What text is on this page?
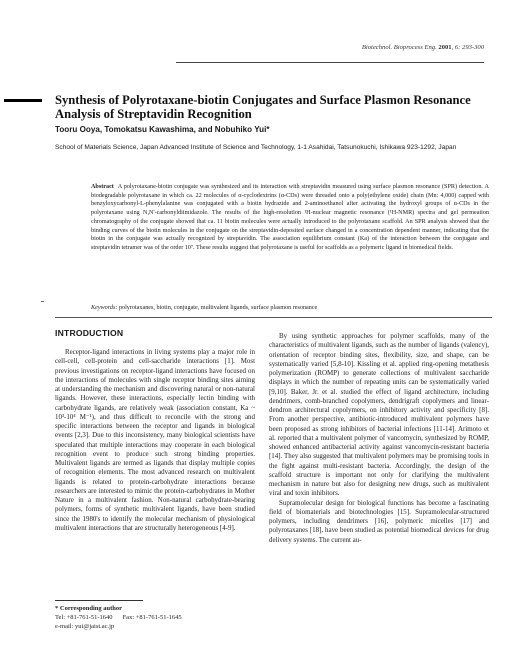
Biotechnol. Bioprocess Eng. 2001, 6: 293-300
Synthesis of Polyrotaxane-biotin Conjugates and Surface Plasmon Resonance Analysis of Streptavidin Recognition
Tooru Ooya, Tomokatsu Kawashima, and Nobuhiko Yui*
School of Materials Science, Japan Advanced Institute of Science and Technology, 1-1 Asahidai, Tatsunokuchi, Ishikawa 923-1292, Japan
Abstract A polyrotaxane-biotin conjugate was synthesized and its interaction with streptavidin measured using surface plasmon resonance (SPR) detection. A biodegradable polyrotaxane in which ca. 22 molecules of α-cyclodextrins (α-CDs) were threaded onto a poly(ethylene oxide) chain (Mn: 4,000) capped with benzyloxycarbonyl-L-phenylalanine was conjugated with a biotin hydrazide and 2-aminoethanol after activating the hydroxyl groups of α-CDs in the polyrotaxane using N,N'-carbonyldiimidazole. The results of the high-resolution ¹H-nuclear magnetic resonance (¹H-NMR) spectra and gel permeation chromatography of the conjugate showed that ca. 11 biotin molecules were actually introduced to the polyrotaxane scaffold. An SPR analysis showed that the binding curves of the biotin molecules in the conjugate on the streptavidin-deposited surface changed in a concentration dependent manner, indicating that the biotin in the conjugate was actually recognized by streptavidin. The association equilibrium constant (Ka) of the interaction between the conjugate and streptavidin tetramer was of the order 10⁷. These results suggest that polyrotaxane is useful for scaffolds as a polymeric ligand in biomedical fields.
Keywords: polyrotaxanes, biotin, conjugate, multivalent ligands, surface plasmon resonance
INTRODUCTION

Receptor-ligand interactions in living systems play a major role in cell-cell, cell-protein and cell-saccharide interactions [1]. Most previous investigations on receptor-ligand interactions have focused on the interactions of molecules with single receptor binding sites aiming at understanding the mechanism and discovering natural or non-natural ligands. However, these interactions, especially lectin binding with carbohydrate ligands, are relatively weak (association constant, Ka ~ 10³-10⁴ M⁻¹), and thus difficult to reconcile with the strong and specific interactions between the receptor and ligands in biological events [2,3]. Due to this inconsistency, many biological scientists have speculated that multiple interactions may cooperate in each biological recognition event to produce such strong binding properties. Multivalent ligands are termed as ligands that display multiple copies of recognition elements. The most advanced research on multivalent ligands is related to protein-carbohydrate interactions because researchers are interested to mimic the protein-carbohydrates in Mother Nature in a multivalent fashion. Non-natural carbohydrate-bearing polymers, forms of synthetic multivalent ligands, have been studied since the 1980's to identify the molecular mechanism of physiological multivalent interactions that are structurally heterogeneous [4-9].

By using synthetic approaches for polymer scaffolds, many of the characteristics of multivalent ligands, such as the number of ligands (valency), orientation of receptor binding sites, flexibility, size, and shape, can be systematically varied [5,8-10]. Kissling et al. applied ring-opening metathesis polymerization (ROMP) to generate collections of multivalent saccharide displays in which the number of repeating units can be systematically varied [9,10]. Baker, Jr. et al. studied the effect of ligand architecture, including dendrimers, comb-branched copolymers, dendrigraft copolymers and linear-dendron architectural copolymers, on inhibitory activity and specificity [8]. From another perspective, antibiotic-introduced multivalent polymers have been proposed as strong inhibitors of bacterial infections [11-14]. Arimoto et al. reported that a multivalent polymer of vancomycin, synthesized by ROMP, showed enhanced antibacterial activity against vancomycin-resistant bacteria [14]. They also suggested that multivalent polymers may be promising tools in the fight against multi-resistant bacteria. Accordingly, the design of the scaffold structure is important not only for clarifying the multivalent mechanism in nature but also for designing new drugs, such as multivalent viral and toxin inhibitors.

Supramolecular design for biological functions has become a fascinating field of biomaterials and biotechnologies [15]. Supramolecular-structured polymers, including dendrimers [16], polymeric micelles [17] and polyrotaxanes [18], have been studied as potential biomedical devices for drug delivery systems. The current au-

* Corresponding author
Tel: +81-761-51-1640 Fax: +81-761-51-1645
e-mail: yui@jaist.ac.jp
